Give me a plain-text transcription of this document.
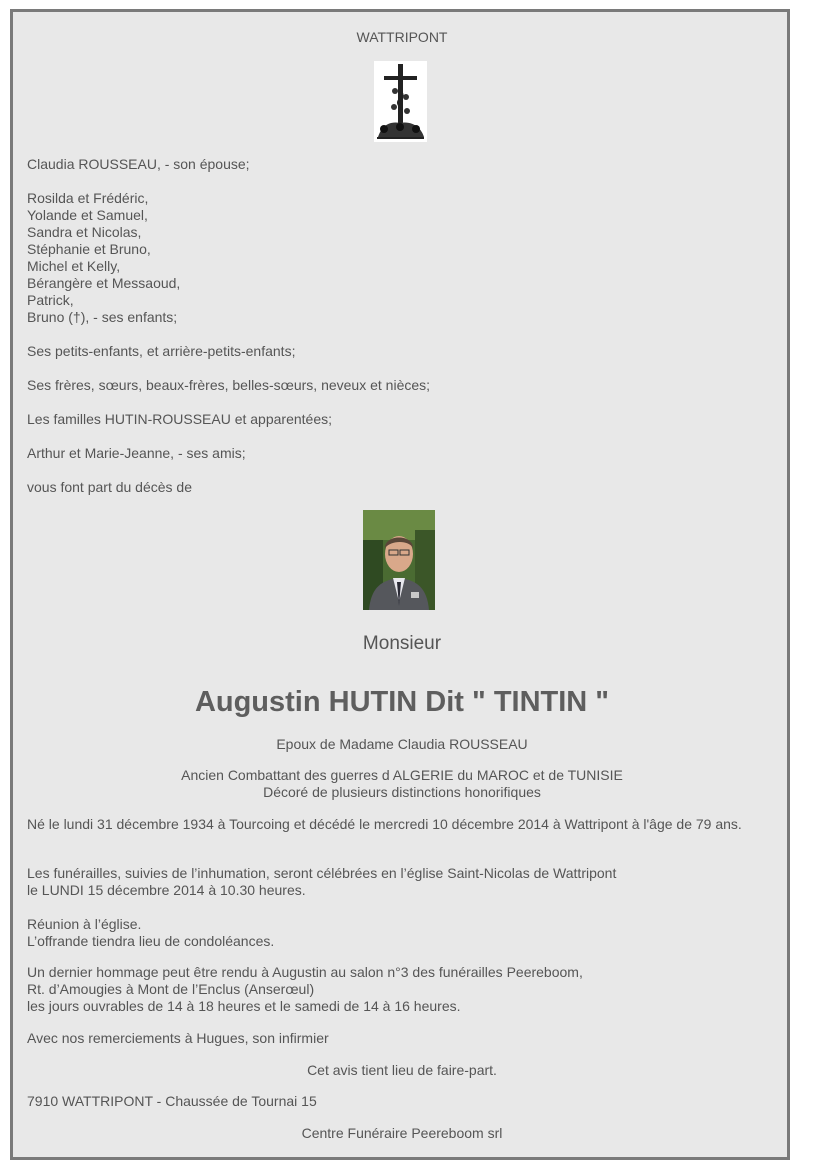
WATTRIPONT
Claudia ROUSSEAU, - son épouse;
Rosilda et Frédéric,
Yolande et Samuel,
Sandra et Nicolas,
Stéphanie et Bruno,
Michel et Kelly,
Bérangère et Messaoud,
Patrick,
Bruno (†), - ses enfants;
Ses petits-enfants, et arrière-petits-enfants;
Ses frères, sœurs, beaux-frères, belles-sœurs, neveux et nièces;
Les familles HUTIN-ROUSSEAU et apparentées;
Arthur et Marie-Jeanne, - ses amis;
vous font part du décès de
Monsieur
Augustin HUTIN Dit " TINTIN "
Epoux de Madame Claudia ROUSSEAU
Ancien Combattant des guerres d ALGERIE du MAROC et de TUNISIE
Décoré de plusieurs distinctions honorifiques
Né le lundi 31 décembre 1934 à Tourcoing et décédé le mercredi 10 décembre 2014 à Wattripont à l'âge de 79 ans.
Les funérailles, suivies de l’inhumation, seront célébrées en l’église Saint-Nicolas de Wattripont
le LUNDI 15 décembre 2014 à 10.30 heures.
Réunion à l’église.
L’offrande tiendra lieu de condoléances.
Un dernier hommage peut être rendu à Augustin au salon n°3 des funérailles Peereboom,
Rt. d’Amougies à Mont de l’Enclus (Anserœul)
les jours ouvrables de 14 à 18 heures et le samedi de 14 à 16 heures.
Avec nos remerciements à Hugues, son infirmier
Cet avis tient lieu de faire-part.
7910 WATTRIPONT - Chaussée de Tournai 15
Centre Funéraire Peereboom srl
